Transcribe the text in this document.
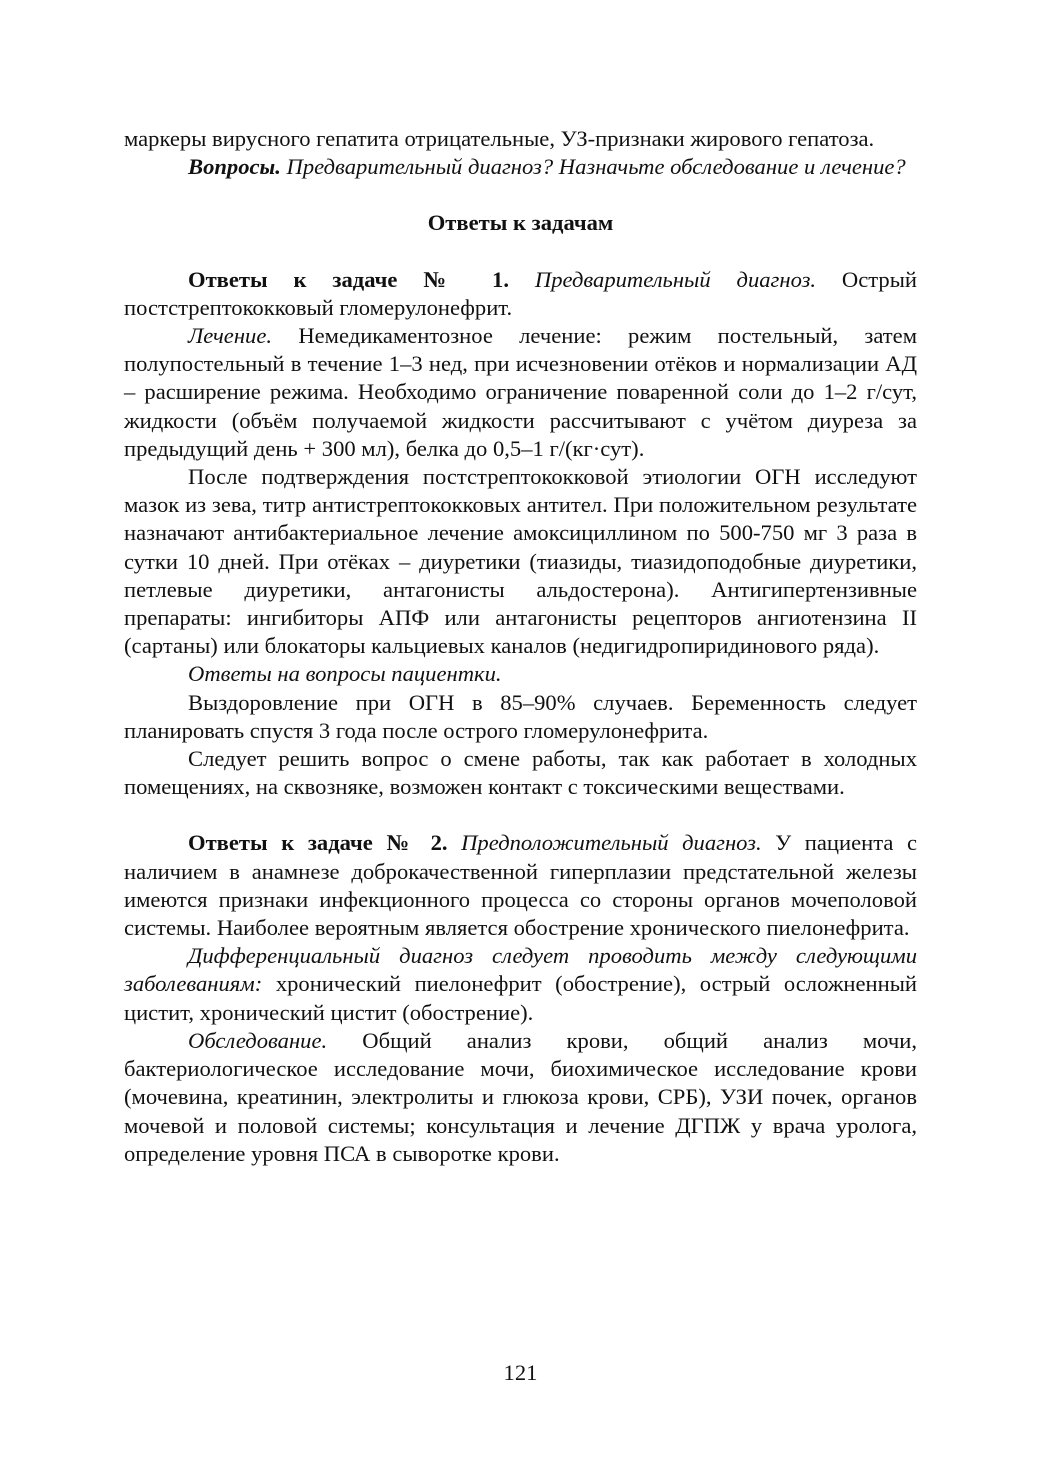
маркеры вирусного гепатита отрицательные, УЗ-признаки жирового гепатоза.

Вопросы. Предварительный диагноз? Назначьте обследование и лечение?

Ответы к задачам

Ответы к задаче № 1. Предварительный диагноз. Острый постстрептококковый гломерулонефрит.

Лечение. Немедикаментозное лечение: режим постельный, затем полупостельный в течение 1–3 нед, при исчезновении отёков и нормализации АД – расширение режима. Необходимо ограничение поваренной соли до 1–2 г/сут, жидкости (объём получаемой жидкости рассчитывают с учётом диуреза за предыдущий день + 300 мл), белка до 0,5–1 г/(кг·сут).

После подтверждения постстрептококковой этиологии ОГН исследуют мазок из зева, титр антистрептококковых антител. При положительном результате назначают антибактериальное лечение амоксициллином по 500-750 мг 3 раза в сутки 10 дней. При отёках – диуретики (тиазиды, тиазидоподобные диуретики, петлевые диуретики, антагонисты альдостерона). Антигипертензивные препараты: ингибиторы АПФ или антагонисты рецепторов ангиотензина II (сартаны) или блокаторы кальциевых каналов (недигидропиридинового ряда).

Ответы на вопросы пациентки.

Выздоровление при ОГН в 85–90% случаев. Беременность следует планировать спустя 3 года после острого гломерулонефрита.

Следует решить вопрос о смене работы, так как работает в холодных помещениях, на сквозняке, возможен контакт с токсическими веществами.

Ответы к задаче № 2. Предположительный диагноз. У пациента с наличием в анамнезе доброкачественной гиперплазии предстательной железы имеются признаки инфекционного процесса со стороны органов мочеполовой системы. Наиболее вероятным является обострение хронического пиелонефрита.

Дифференциальный диагноз следует проводить между следующими заболеваниям: хронический пиелонефрит (обострение), острый осложненный цистит, хронический цистит (обострение).

Обследование. Общий анализ крови, общий анализ мочи, бактериологическое исследование мочи, биохимическое исследование крови (мочевина, креатинин, электролиты и глюкоза крови, СРБ), УЗИ почек, органов мочевой и половой системы; консультация и лечение ДГПЖ у врача уролога, определение уровня ПСА в сыворотке крови.

121
